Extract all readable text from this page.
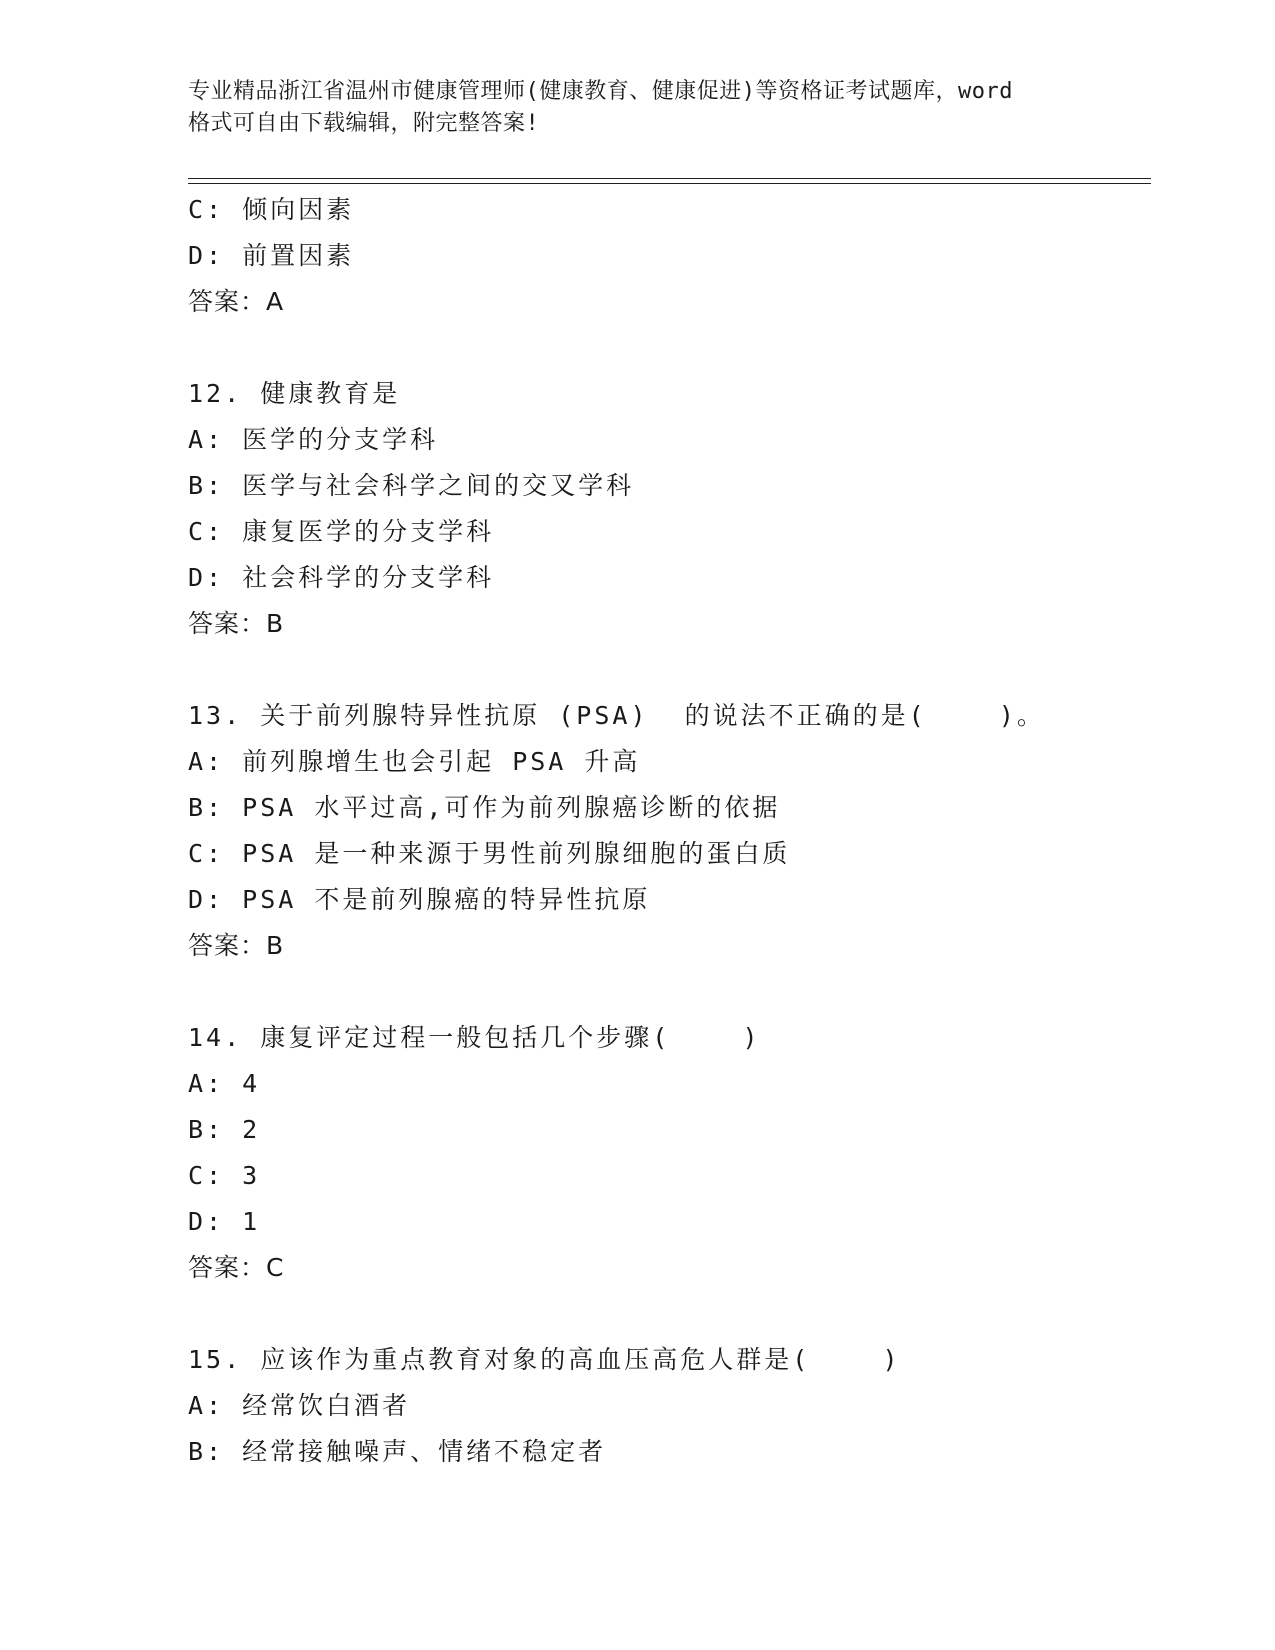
专业精品浙江省温州市健康管理师(健康教育、健康促进)等资格证考试题库，word
格式可自由下载编辑，附完整答案!
C: 倾向因素
D: 前置因素
答案：A
12. 健康教育是
A: 医学的分支学科
B: 医学与社会科学之间的交叉学科
C: 康复医学的分支学科
D: 社会科学的分支学科
答案：B
13. 关于前列腺特异性抗原 (PSA)  的说法不正确的是(    )。
A: 前列腺增生也会引起 PSA 升高
B: PSA 水平过高,可作为前列腺癌诊断的依据
C: PSA 是一种来源于男性前列腺细胞的蛋白质
D: PSA 不是前列腺癌的特异性抗原
答案：B
14. 康复评定过程一般包括几个步骤(    )
A: 4
B: 2
C: 3
D: 1
答案：C
15. 应该作为重点教育对象的高血压高危人群是(    )
A: 经常饮白酒者
B: 经常接触噪声、情绪不稳定者
